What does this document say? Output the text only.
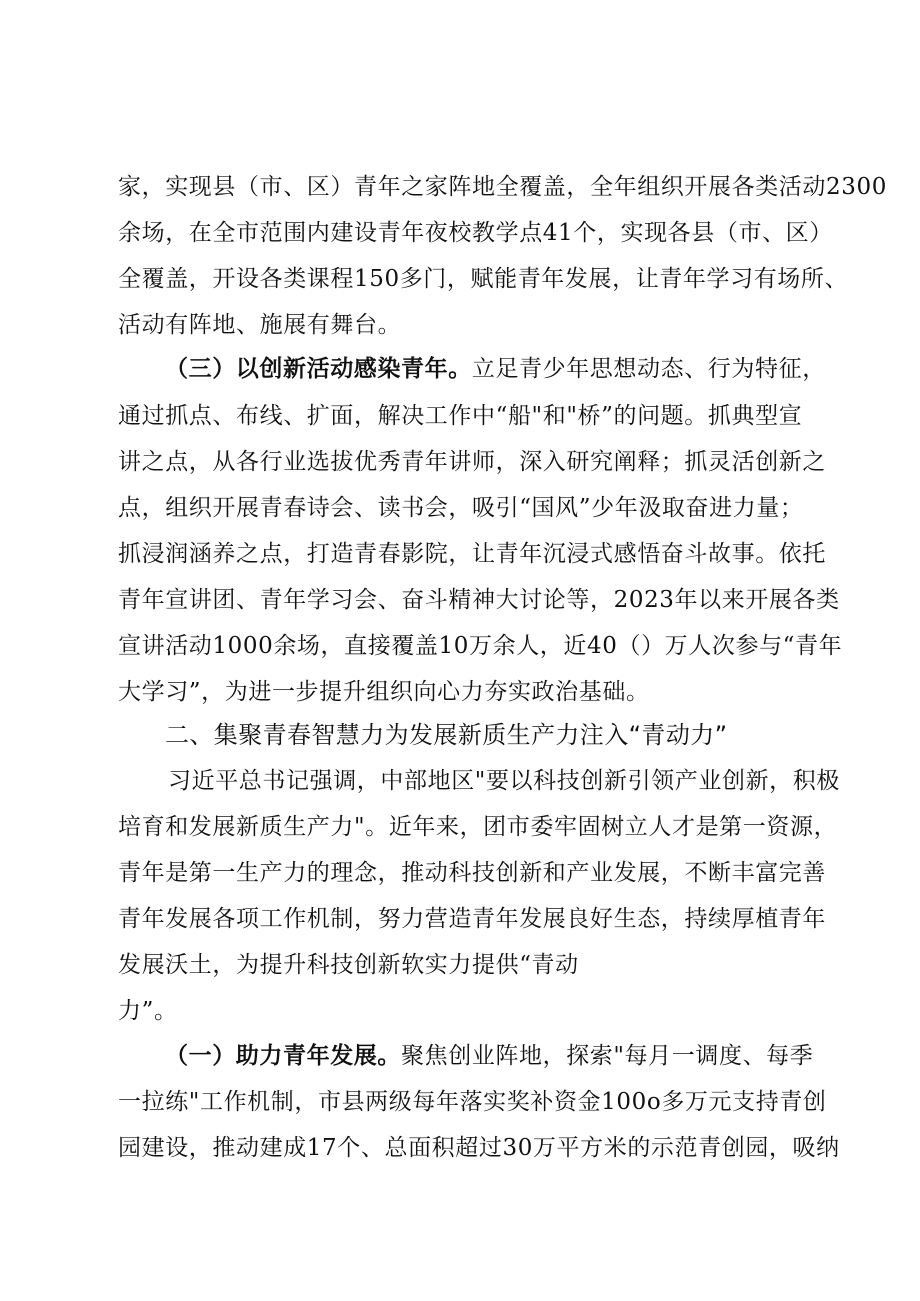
家，实现县（市、区）青年之家阵地全覆盖，全年组织开展各类活动2300
余场，在全市范围内建设青年夜校教学点41个，实现各县（市、区）
全覆盖，开设各类课程150多门，赋能青年发展，让青年学习有场所、
活动有阵地、施展有舞台。
（三）以创新活动感染青年。立足青少年思想动态、行为特征，
通过抓点、布线、扩面，解决工作中“船"和"桥”的问题。抓典型宣
讲之点，从各行业选拔优秀青年讲师，深入研究阐释；抓灵活创新之
点，组织开展青春诗会、读书会，吸引“国风”少年汲取奋进力量；
抓浸润涵养之点，打造青春影院，让青年沉浸式感悟奋斗故事。依托
青年宣讲团、青年学习会、奋斗精神大讨论等，2023年以来开展各类
宣讲活动1000余场，直接覆盖10万余人，近40（）万人次参与“青年
大学习”，为进一步提升组织向心力夯实政治基础。
二、集聚青春智慧力为发展新质生产力注入“青动力”
习近平总书记强调，中部地区"要以科技创新引领产业创新，积极
培育和发展新质生产力"。近年来，团市委牢固树立人才是第一资源，
青年是第一生产力的理念，推动科技创新和产业发展，不断丰富完善
青年发展各项工作机制，努力营造青年发展良好生态，持续厚植青年
发展沃土，为提升科技创新软实力提供“青动
力”。
（一）助力青年发展。聚焦创业阵地，探索"每月一调度、每季
一拉练"工作机制，市县两级每年落实奖补资金100o多万元支持青创
园建设，推动建成17个、总面积超过30万平方米的示范青创园，吸纳
